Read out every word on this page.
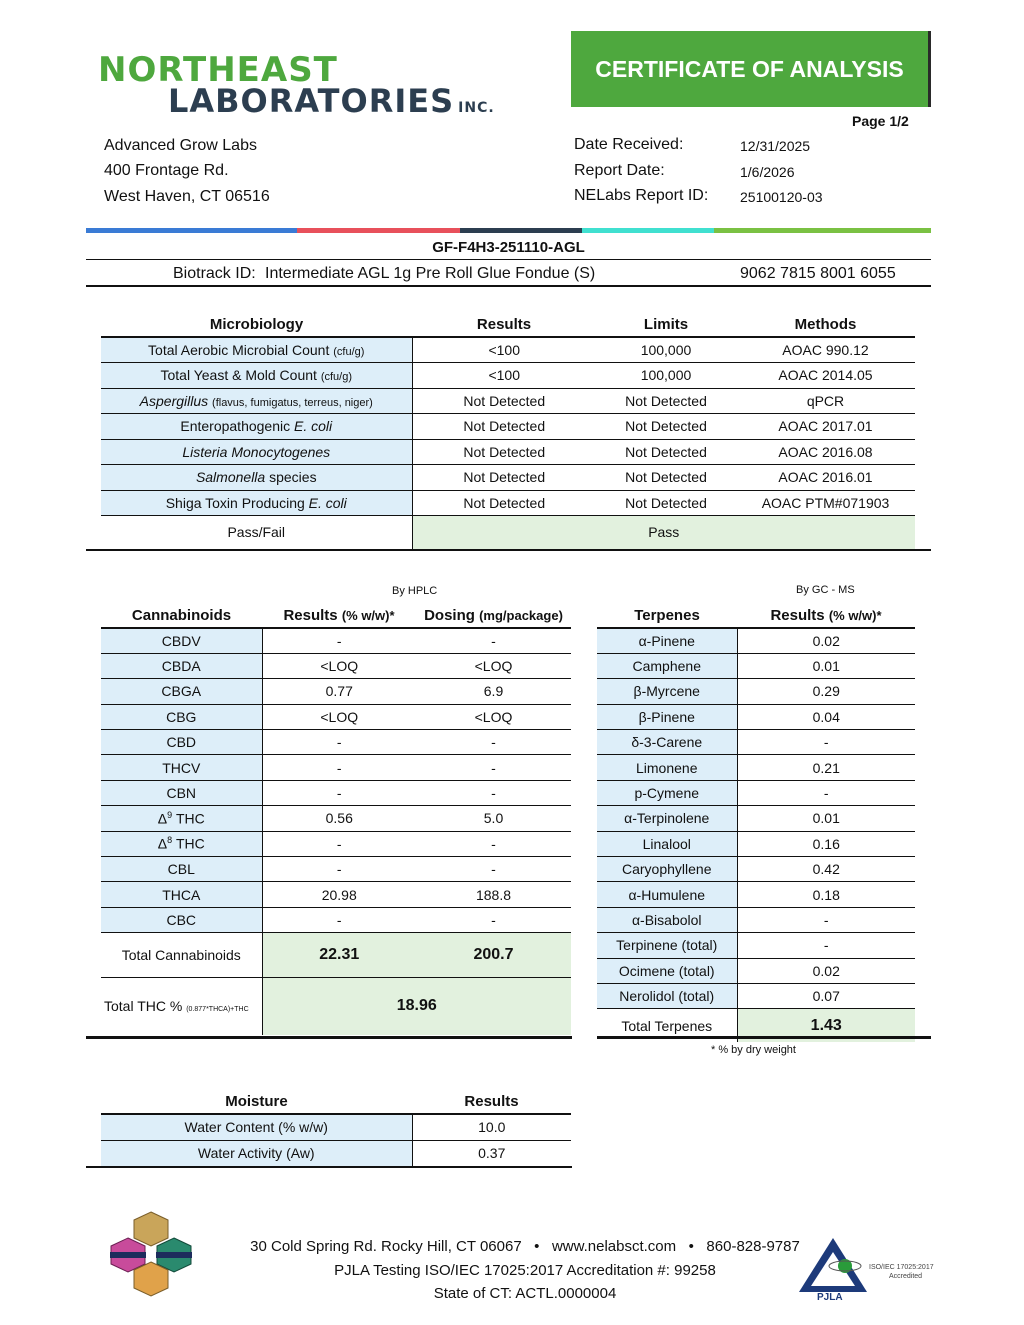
NORTHEAST
LABORATORIES INC.
CERTIFICATE OF ANALYSIS
Page 1/2
Advanced Grow Labs
400 Frontage Rd.
West Haven, CT 06516
Date Received:	12/31/2025
Report Date:	1/6/2026
NELabs Report ID: 25100120-03
GF-F4H3-251110-AGL
Biotrack ID: Intermediate AGL 1g Pre Roll Glue Fondue (S)	9062 7815 8001 6055
Microbiology	Results	Limits	Methods
Total Aerobic Microbial Count (cfu/g)	<100	100,000	AOAC 990.12
Total Yeast & Mold Count (cfu/g)	<100	100,000	AOAC 2014.05
Aspergillus (flavus, fumigatus, terreus, niger)	Not Detected	Not Detected	qPCR
Enteropathogenic E. coli	Not Detected	Not Detected	AOAC 2017.01
Listeria Monocytogenes	Not Detected	Not Detected	AOAC 2016.08
Salmonella species	Not Detected	Not Detected	AOAC 2016.01
Shiga Toxin Producing E. coli	Not Detected	Not Detected	AOAC PTM#071903
Pass/Fail	Pass		
By HPLC	By GC - MS
Cannabinoids	Results (% w/w)*	Dosing (mg/package)
CBDV	-	-
CBDA	<LOQ	<LOQ
CBGA	0.77	6.9
CBG	<LOQ	<LOQ
CBD	-	-
THCV	-	-
CBN	-	-
$\Delta^9$ THC	0.56	5.0
$\Delta^8$ THC	-	-
CBL	-	-
THCA	20.98	188.8
CBC	-	-
Total Cannabinoids	22.31	200.7
Total THC % (0.877*THCA)+THC	18.96	
Terpenes	Results (% w/w)*
α-Pinene	0.02
Camphene	0.01
β-Myrcene	0.29
β-Pinene	0.04
δ-3-Carene	-
Limonene	0.21
p-Cymene	-
α-Terpinolene	0.01
Linalool	0.16
Caryophyllene	0.42
α-Humulene	0.18
α-Bisabolol	-
Terpinene (total)	-
Ocimene (total)	0.02
Nerolidol (total)	0.07
Total Terpenes	1.43
* % by dry weight
Moisture	Results
Water Content (% w/w)	10.0
Water Activity (Aw)	0.37
30 Cold Spring Rd. Rocky Hill, CT 06067   •   www.nelabsct.com   •   860-828-9787
PJLA Testing ISO/IEC 17025:2017 Accreditation #: 99258
State of CT: ACTL.0000004	PJLA
ISO/IEC 17025:2017
Accredited
